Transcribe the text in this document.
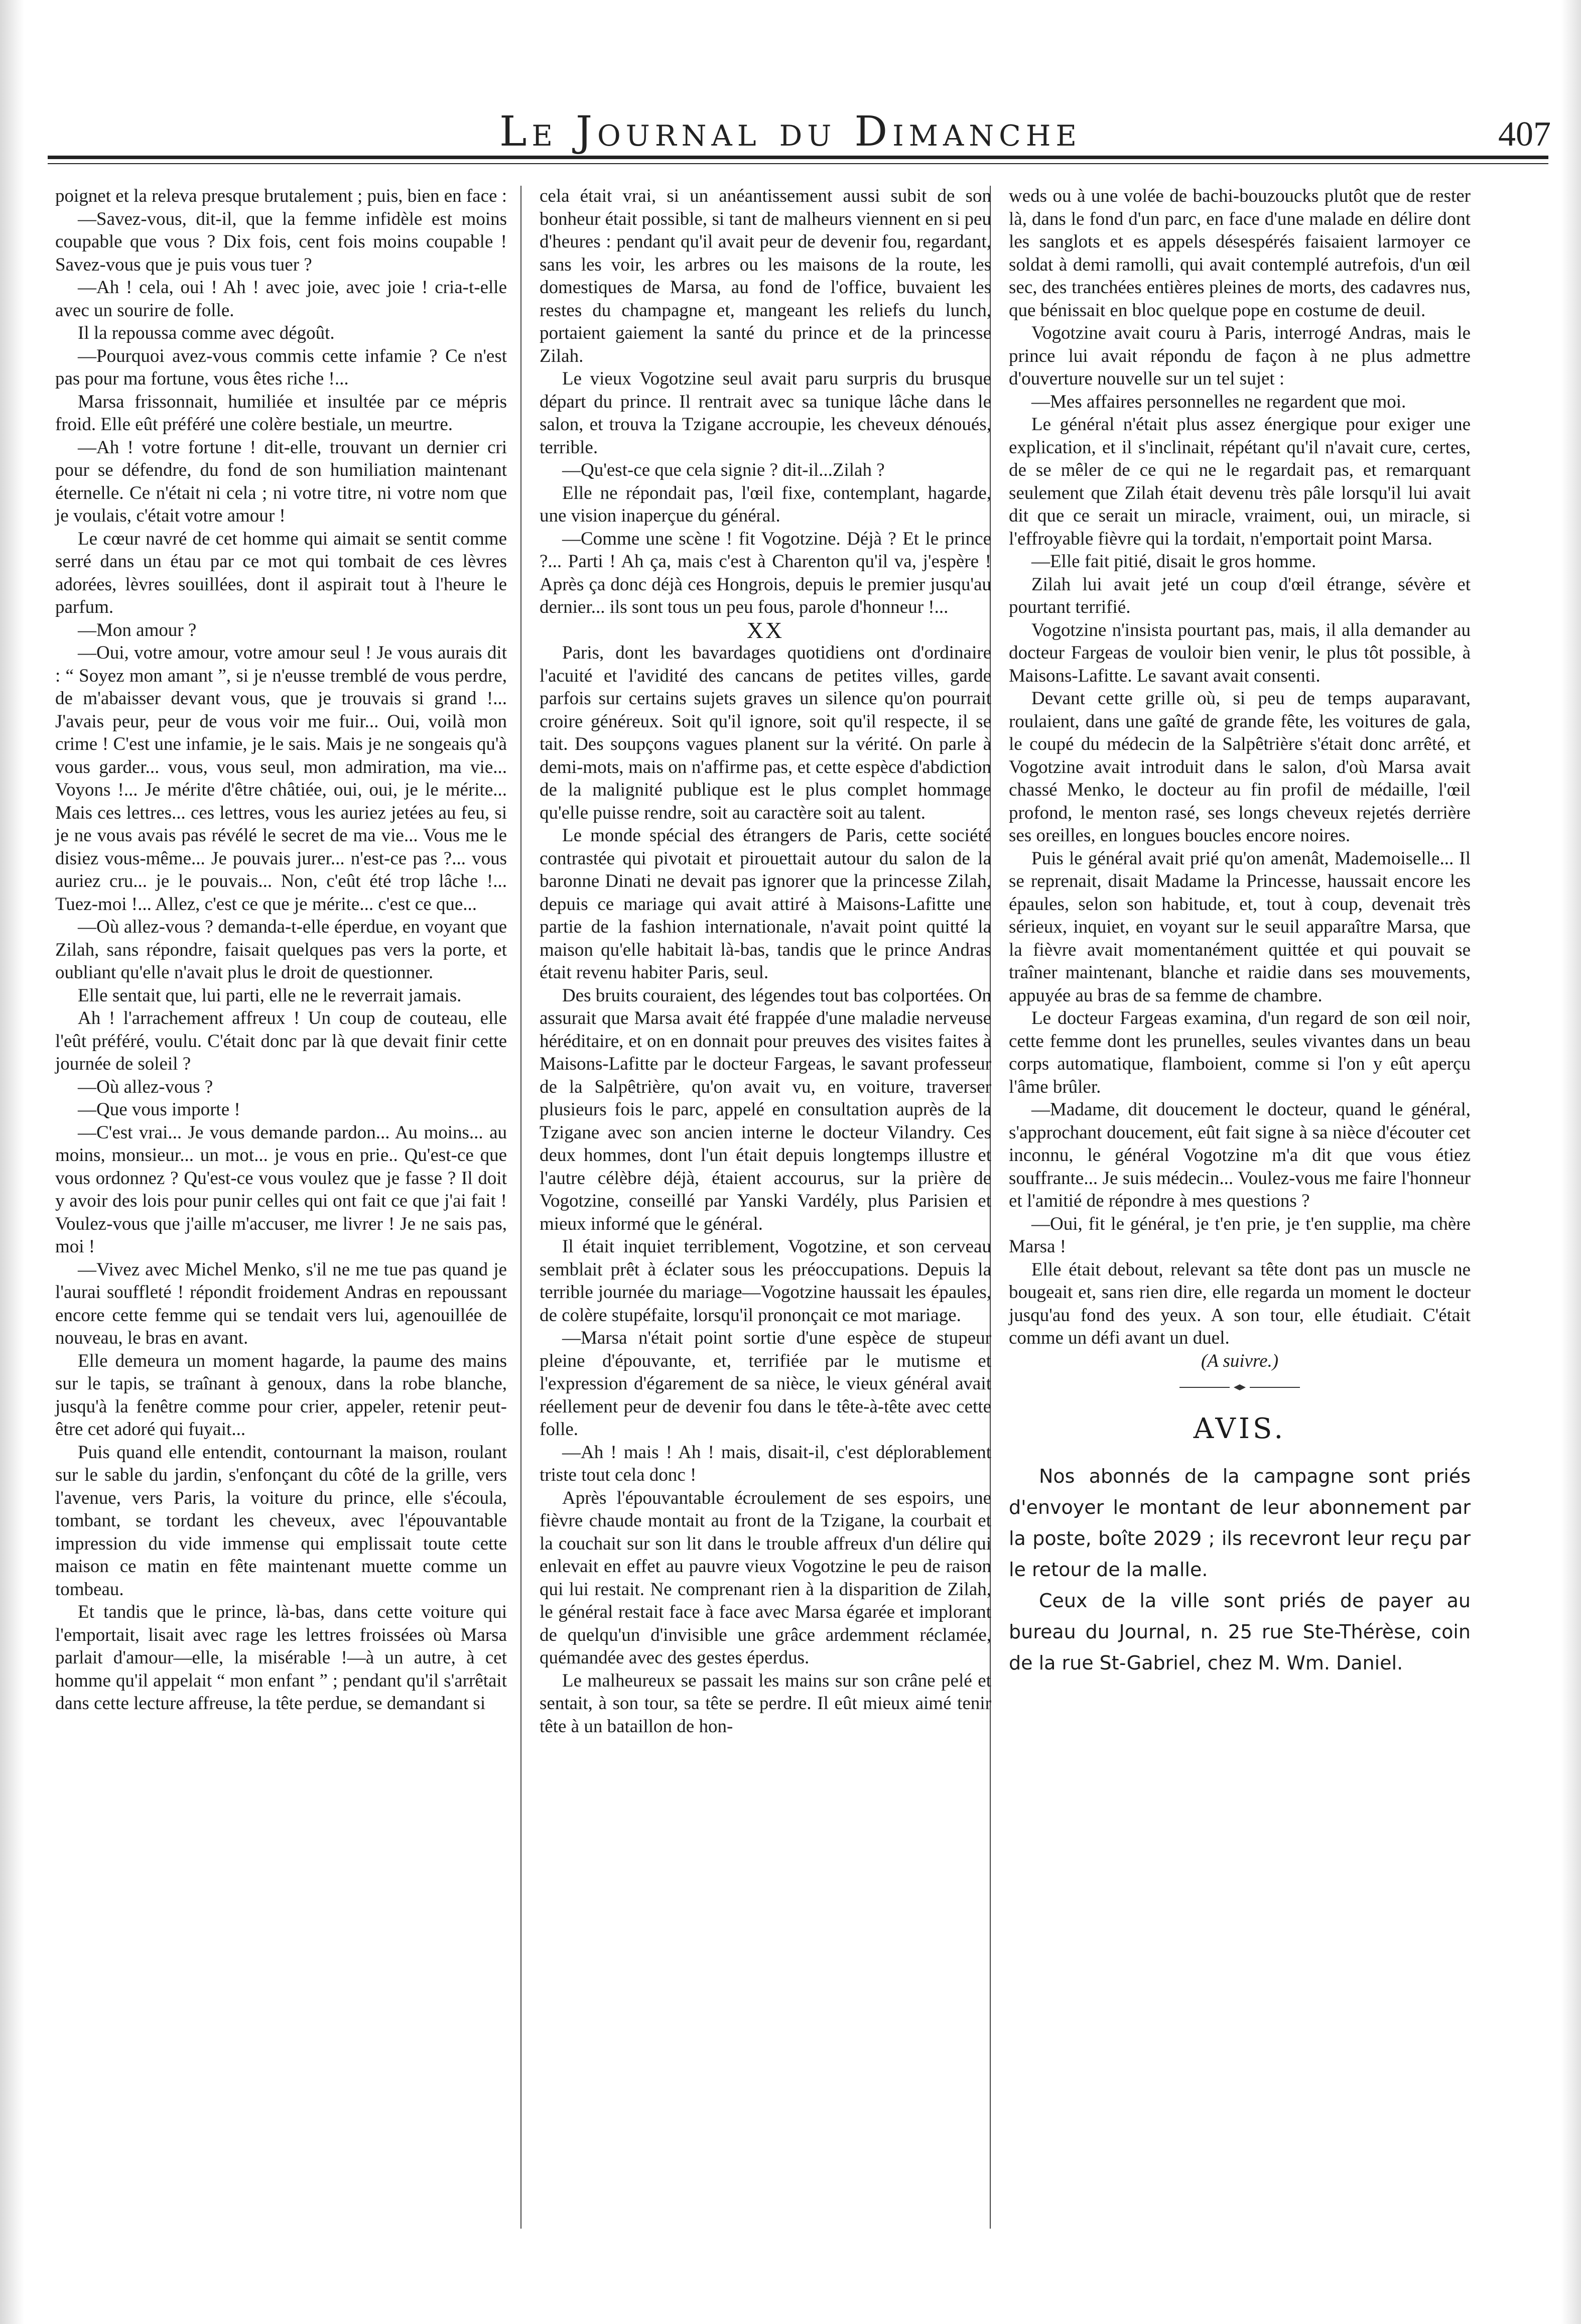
Le Journal du Dimanche	407

poignet et la releva presque brutalement ; puis, bien en face :

—Savez-vous, dit-il, que la femme infidèle est moins coupable que vous ? Dix fois, cent fois moins coupable ! Savez-vous que je puis vous tuer ?

—Ah ! cela, oui ! Ah ! avec joie, avec joie ! cria-t-elle avec un sourire de folle.

Il la repoussa comme avec dégoût.

—Pourquoi avez-vous commis cette infamie ? Ce n'est pas pour ma fortune, vous êtes riche !...

Marsa frissonnait, humiliée et insultée par ce mépris froid. Elle eût préféré une colère bestiale, un meurtre.

—Ah ! votre fortune ! dit-elle, trouvant un dernier cri pour se défendre, du fond de son humiliation maintenant éternelle. Ce n'était ni cela ; ni votre titre, ni votre nom que je voulais, c'était votre amour !

Le cœur navré de cet homme qui aimait se sentit comme serré dans un étau par ce mot qui tombait de ces lèvres adorées, lèvres souillées, dont il aspirait tout à l'heure le parfum.

—Mon amour ?

—Oui, votre amour, votre amour seul ! Je vous aurais dit : “ Soyez mon amant ”, si je n'eusse tremblé de vous perdre, de m'abaisser devant vous, que je trouvais si grand !... J'avais peur, peur de vous voir me fuir... Oui, voilà mon crime ! C'est une infamie, je le sais. Mais je ne songeais qu'à vous garder... vous, vous seul, mon admiration, ma vie... Voyons !... Je mérite d'être châtiée, oui, oui, je le mérite... Mais ces lettres... ces lettres, vous les auriez jetées au feu, si je ne vous avais pas révélé le secret de ma vie... Vous me le disiez vous-même... Je pouvais jurer... n'est-ce pas ?... vous auriez cru... je le pouvais... Non, c'eût été trop lâche !... Tuez-moi !... Allez, c'est ce que je mérite... c'est ce que...

—Où allez-vous ? demanda-t-elle éperdue, en voyant que Zilah, sans répondre, faisait quelques pas vers la porte, et oubliant qu'elle n'avait plus le droit de questionner.

Elle sentait que, lui parti, elle ne le reverrait jamais.

Ah ! l'arrachement affreux ! Un coup de couteau, elle l'eût préféré, voulu. C'était donc par là que devait finir cette journée de soleil ?

—Où allez-vous ?

—Que vous importe !

—C'est vrai... Je vous demande pardon... Au moins... au moins, monsieur... un mot... je vous en prie.. Qu'est-ce que vous ordonnez ? Qu'est-ce vous voulez que je fasse ? Il doit y avoir des lois pour punir celles qui ont fait ce que j'ai fait ! Voulez-vous que j'aille m'accuser, me livrer ! Je ne sais pas, moi !

—Vivez avec Michel Menko, s'il ne me tue pas quand je l'aurai souffleté ! répondit froidement Andras en repoussant encore cette femme qui se tendait vers lui, agenouillée de nouveau, le bras en avant.

Elle demeura un moment hagarde, la paume des mains sur le tapis, se traînant à genoux, dans la robe blanche, jusqu'à la fenêtre comme pour crier, appeler, retenir peut-être cet adoré qui fuyait...

Puis quand elle entendit, contournant la maison, roulant sur le sable du jardin, s'enfonçant du côté de la grille, vers l'avenue, vers Paris, la voiture du prince, elle s'écoula, tombant, se tordant les cheveux, avec l'épouvantable impression du vide immense qui emplissait toute cette maison ce matin en fête maintenant muette comme un tombeau.

Et tandis que le prince, là-bas, dans cette voiture qui l'emportait, lisait avec rage les lettres froissées où Marsa parlait d'amour—elle, la misérable !—à un autre, à cet homme qu'il appelait “ mon enfant ” ; pendant qu'il s'arrêtait dans cette lecture affreuse, la tête perdue, se demandant si

cela était vrai, si un anéantissement aussi subit de son bonheur était possible, si tant de malheurs viennent en si peu d'heures : pendant qu'il avait peur de devenir fou, regardant, sans les voir, les arbres ou les maisons de la route, les domestiques de Marsa, au fond de l'office, buvaient les restes du champagne et, mangeant les reliefs du lunch, portaient gaiement la santé du prince et de la princesse Zilah.

Le vieux Vogotzine seul avait paru surpris du brusque départ du prince. Il rentrait avec sa tunique lâche dans le salon, et trouva la Tzigane accroupie, les cheveux dénoués, terrible.

—Qu'est-ce que cela signie ? dit-il...Zilah ?

Elle ne répondait pas, l'œil fixe, contemplant, hagarde, une vision inaperçue du général.

—Comme une scène ! fit Vogotzine. Déjà ? Et le prince ?... Parti ! Ah ça, mais c'est à Charenton qu'il va, j'espère ! Après ça donc déjà ces Hongrois, depuis le premier jusqu'au dernier... ils sont tous un peu fous, parole d'honneur !...

XX

Paris, dont les bavardages quotidiens ont d'ordinaire l'acuité et l'avidité des cancans de petites villes, garde parfois sur certains sujets graves un silence qu'on pourrait croire généreux. Soit qu'il ignore, soit qu'il respecte, il se tait. Des soupçons vagues planent sur la vérité. On parle à demi-mots, mais on n'affirme pas, et cette espèce d'abdiction de la malignité publique est le plus complet hommage qu'elle puisse rendre, soit au caractère soit au talent.

Le monde spécial des étrangers de Paris, cette société contrastée qui pivotait et pirouettait autour du salon de la baronne Dinati ne devait pas ignorer que la princesse Zilah, depuis ce mariage qui avait attiré à Maisons-Lafitte une partie de la fashion internationale, n'avait point quitté la maison qu'elle habitait là-bas, tandis que le prince Andras était revenu habiter Paris, seul.

Des bruits couraient, des légendes tout bas colportées. On assurait que Marsa avait été frappée d'une maladie nerveuse héréditaire, et on en donnait pour preuves des visites faites à Maisons-Lafitte par le docteur Fargeas, le savant professeur de la Salpêtrière, qu'on avait vu, en voiture, traverser plusieurs fois le parc, appelé en consultation auprès de la Tzigane avec son ancien interne le docteur Vilandry. Ces deux hommes, dont l'un était depuis longtemps illustre et l'autre célèbre déjà, étaient accourus, sur la prière de Vogotzine, conseillé par Yanski Vardély, plus Parisien et mieux informé que le général.

Il était inquiet terriblement, Vogotzine, et son cerveau semblait prêt à éclater sous les préoccupations. Depuis la terrible journée du mariage—Vogotzine haussait les épaules, de colère stupéfaite, lorsqu'il prononçait ce mot mariage.

—Marsa n'était point sortie d'une espèce de stupeur pleine d'épouvante, et, terrifiée par le mutisme et l'expression d'égarement de sa nièce, le vieux général avait réellement peur de devenir fou dans le tête-à-tête avec cette folle.

—Ah ! mais ! Ah ! mais, disait-il, c'est déplorablement triste tout cela donc !

Après l'épouvantable écroulement de ses espoirs, une fièvre chaude montait au front de la Tzigane, la courbait et la couchait sur son lit dans le trouble affreux d'un délire qui enlevait en effet au pauvre vieux Vogotzine le peu de raison qui lui restait. Ne comprenant rien à la disparition de Zilah, le général restait face à face avec Marsa égarée et implorant de quelqu'un d'invisible une grâce ardemment réclamée, quémandée avec des gestes éperdus.

Le malheureux se passait les mains sur son crâne pelé et sentait, à son tour, sa tête se perdre. Il eût mieux aimé tenir tête à un bataillon de hon-

weds ou à une volée de bachi-bouzoucks plutôt que de rester là, dans le fond d'un parc, en face d'une malade en délire dont les sanglots et es appels désespérés faisaient larmoyer ce soldat à demi ramolli, qui avait contemplé autrefois, d'un œil sec, des tranchées entières pleines de morts, des cadavres nus, que bénissait en bloc quelque pope en costume de deuil.

Vogotzine avait couru à Paris, interrogé Andras, mais le prince lui avait répondu de façon à ne plus admettre d'ouverture nouvelle sur un tel sujet :

—Mes affaires personnelles ne regardent que moi.

Le général n'était plus assez énergique pour exiger une explication, et il s'inclinait, répétant qu'il n'avait cure, certes, de se mêler de ce qui ne le regardait pas, et remarquant seulement que Zilah était devenu très pâle lorsqu'il lui avait dit que ce serait un miracle, vraiment, oui, un miracle, si l'effroyable fièvre qui la tordait, n'emportait point Marsa.

—Elle fait pitié, disait le gros homme.

Zilah lui avait jeté un coup d'œil étrange, sévère et pourtant terrifié.

Vogotzine n'insista pourtant pas, mais, il alla demander au docteur Fargeas de vouloir bien venir, le plus tôt possible, à Maisons-Lafitte. Le savant avait consenti.

Devant cette grille où, si peu de temps auparavant, roulaient, dans une gaîté de grande fête, les voitures de gala, le coupé du médecin de la Salpêtrière s'était donc arrêté, et Vogotzine avait introduit dans le salon, d'où Marsa avait chassé Menko, le docteur au fin profil de médaille, l'œil profond, le menton rasé, ses longs cheveux rejetés derrière ses oreilles, en longues boucles encore noires.

Puis le général avait prié qu'on amenât, Mademoiselle... Il se reprenait, disait Madame la Princesse, haussait encore les épaules, selon son habitude, et, tout à coup, devenait très sérieux, inquiet, en voyant sur le seuil apparaître Marsa, que la fièvre avait momentanément quittée et qui pouvait se traîner maintenant, blanche et raidie dans ses mouvements, appuyée au bras de sa femme de chambre.

Le docteur Fargeas examina, d'un regard de son œil noir, cette femme dont les prunelles, seules vivantes dans un beau corps automatique, flamboient, comme si l'on y eût aperçu l'âme brûler.

—Madame, dit doucement le docteur, quand le général, s'approchant doucement, eût fait signe à sa nièce d'écouter cet inconnu, le général Vogotzine m'a dit que vous étiez souffrante... Je suis médecin... Voulez-vous me faire l'honneur et l'amitié de répondre à mes questions ?

—Oui, fit le général, je t'en prie, je t'en supplie, ma chère Marsa !

Elle était debout, relevant sa tête dont pas un muscle ne bougeait et, sans rien dire, elle regarda un moment le docteur jusqu'au fond des yeux. A son tour, elle étudiait. C'était comme un défi avant un duel.

(A suivre.)

AVIS.

Nos abonnés de la campagne sont priés d'envoyer le montant de leur abonnement par la poste, boîte 2029 ; ils recevront leur reçu par le retour de la malle.

Ceux de la ville sont priés de payer au bureau du Journal, n. 25 rue Ste-Thérèse, coin de la rue St-Gabriel, chez M. Wm. Daniel.
